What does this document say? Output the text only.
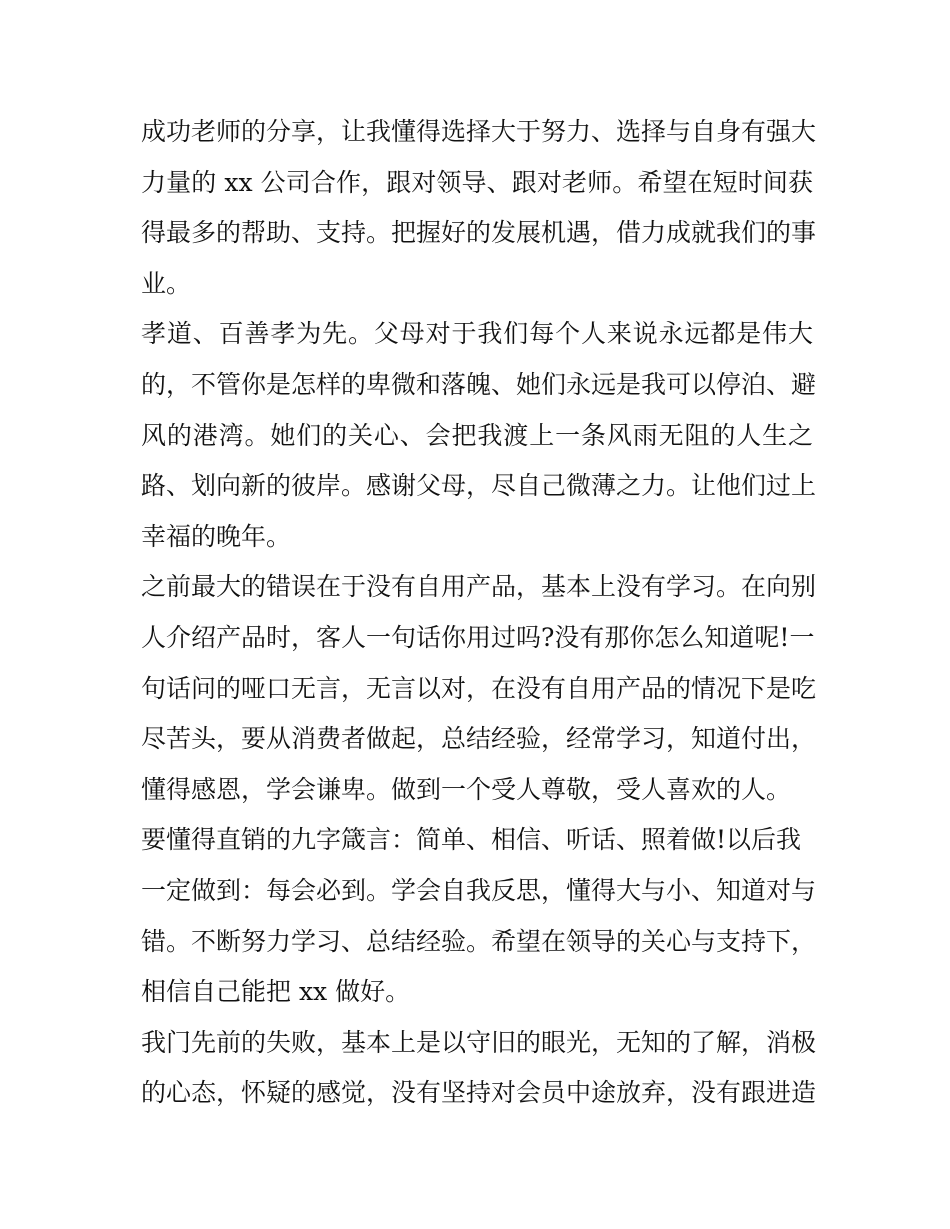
成功老师的分享，让我懂得选择大于努力、选择与自身有强大
力量的 xx 公司合作，跟对领导、跟对老师。希望在短时间获
得最多的帮助、支持。把握好的发展机遇，借力成就我们的事
业。
孝道、百善孝为先。父母对于我们每个人来说永远都是伟大
的，不管你是怎样的卑微和落魄、她们永远是我可以停泊、避
风的港湾。她们的关心、会把我渡上一条风雨无阻的人生之
路、划向新的彼岸。感谢父母，尽自己微薄之力。让他们过上
幸福的晚年。
之前最大的错误在于没有自用产品，基本上没有学习。在向别
人介绍产品时，客人一句话你用过吗?没有那你怎么知道呢!一
句话问的哑口无言，无言以对，在没有自用产品的情况下是吃
尽苦头，要从消费者做起，总结经验，经常学习，知道付出，
懂得感恩，学会谦卑。做到一个受人尊敬，受人喜欢的人。
要懂得直销的九字箴言：简单、相信、听话、照着做!以后我
一定做到：每会必到。学会自我反思，懂得大与小、知道对与
错。不断努力学习、总结经验。希望在领导的关心与支持下，
相信自己能把 xx 做好。
我门先前的失败，基本上是以守旧的眼光，无知的了解，消极
的心态，怀疑的感觉，没有坚持对会员中途放弃，没有跟进造
